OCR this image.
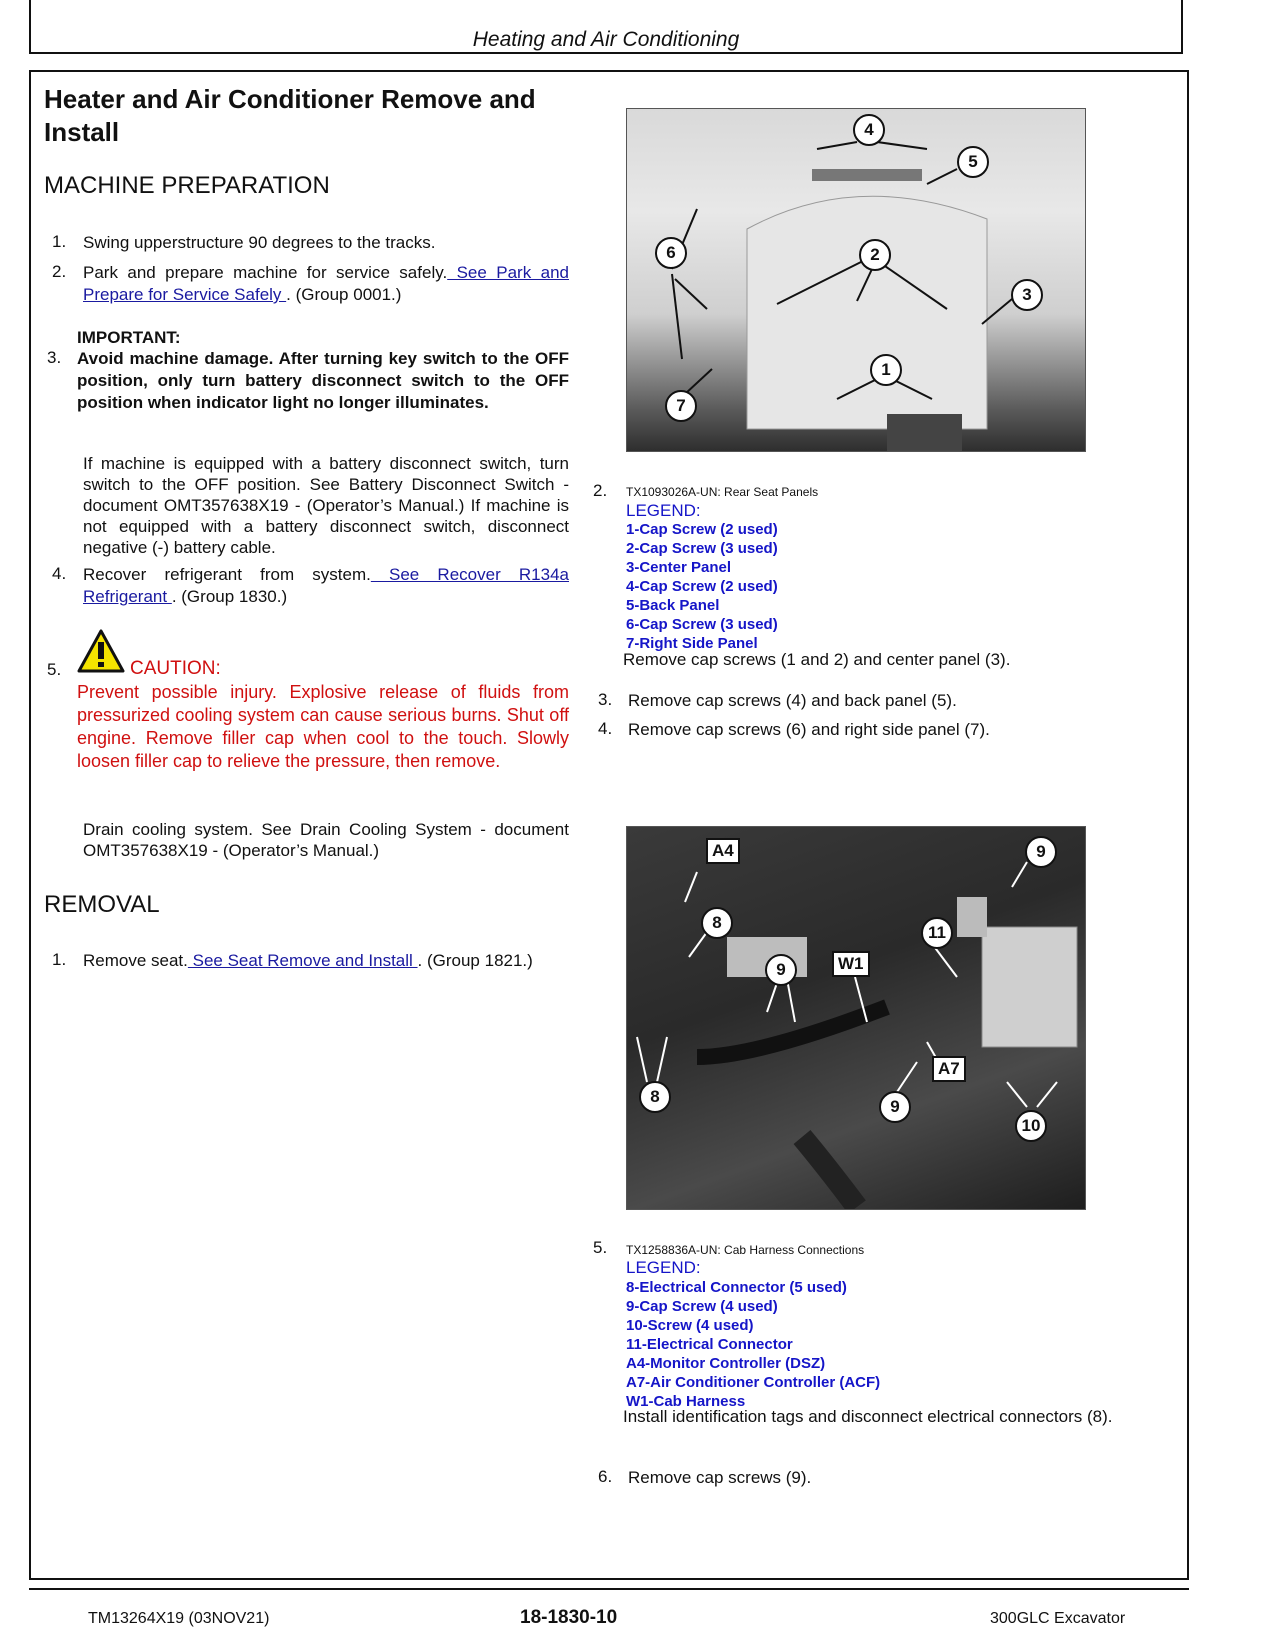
Heating and Air Conditioning
Heater and Air Conditioner Remove and Install
MACHINE PREPARATION
1. Swing upperstructure 90 degrees to the tracks.
2. Park and prepare machine for service safely. See Park and Prepare for Service Safely . (Group 0001.)
IMPORTANT:
3. Avoid machine damage. After turning key switch to the OFF position, only turn battery disconnect switch to the OFF position when indicator light no longer illuminates.
If machine is equipped with a battery disconnect switch, turn switch to the OFF position. See Battery Disconnect Switch - document OMT357638X19 - (Operator’s Manual.) If machine is not equipped with a battery disconnect switch, disconnect negative (-) battery cable.
4. Recover refrigerant from system. See Recover R134a Refrigerant . (Group 1830.)
5.	CAUTION:
Prevent possible injury. Explosive release of fluids from pressurized cooling system can cause serious burns. Shut off engine. Remove filler cap when cool to the touch. Slowly loosen filler cap to relieve the pressure, then remove.
Drain cooling system. See Drain Cooling System - document OMT357638X19 - (Operator’s Manual.)
REMOVAL
1. Remove seat. See Seat Remove and Install . (Group 1821.)
4
5
6	2
3
1
7
2. TX1093026A-UN: Rear Seat Panels
LEGEND:
1-Cap Screw (2 used)
2-Cap Screw (3 used)
3-Center Panel
4-Cap Screw (2 used)
5-Back Panel
6-Cap Screw (3 used)
7-Right Side Panel
Remove cap screws (1 and 2) and center panel (3).
3. Remove cap screws (4) and back panel (5).
4. Remove cap screws (6) and right side panel (7).
A4
8
9	W1
11
A7
9
8
10
9
5. TX1258836A-UN: Cab Harness Connections
LEGEND:
8-Electrical Connector (5 used)
9-Cap Screw (4 used)
10-Screw (4 used)
11-Electrical Connector
A4-Monitor Controller (DSZ)
A7-Air Conditioner Controller (ACF)
W1-Cab Harness
Install identification tags and disconnect electrical connectors (8).
6. Remove cap screws (9).
TM13264X19 (03NOV21)	18-1830-10	300GLC Excavator
